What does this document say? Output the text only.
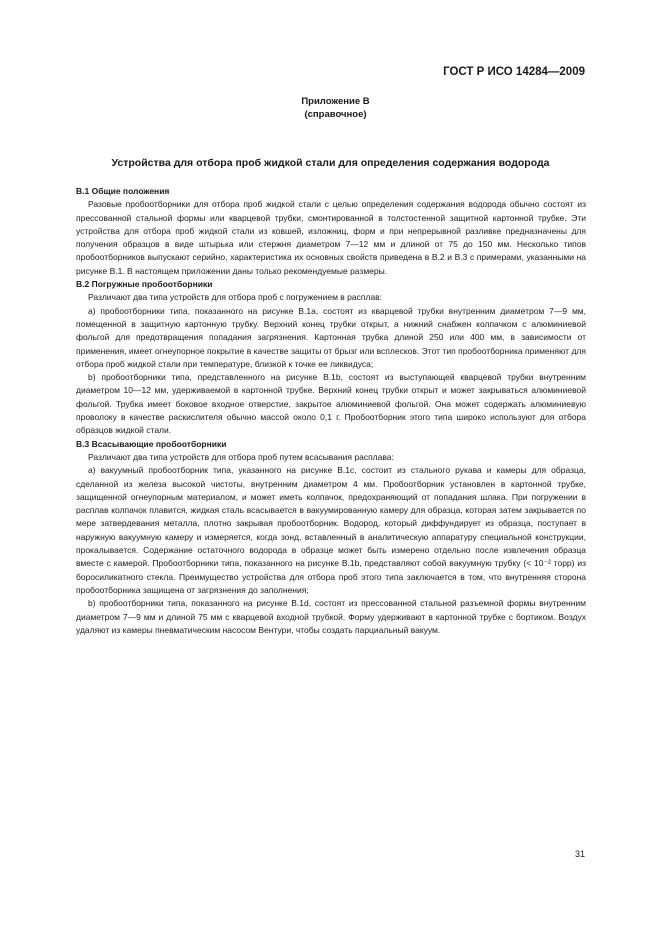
ГОСТ Р ИСО 14284—2009
Приложение В
(справочное)
Устройства для отбора проб жидкой стали для определения содержания водорода
В.1 Общие положения

Разовые пробоотборники для отбора проб жидкой стали с целью определения содержания водорода обычно состоят из прессованной стальной формы или кварцевой трубки, смонтированной в толстостенной защитной картонной трубке. Эти устройства для отбора проб жидкой стали из ковшей, изложниц, форм и при непрерывной разливке предназначены для получения образцов в виде штырька или стержня диаметром 7—12 мм и длиной от 75 до 150 мм. Несколько типов пробоотборников выпускают серийно, характеристика их основных свойств приведена в В.2 и В.3 с примерами, указанными на рисунке В.1. В настоящем приложении даны только рекомендуемые размеры.

В.2 Погружные пробоотборники

Различают два типа устройств для отбора проб с погружением в расплав:

а) пробоотборники типа, показанного на рисунке В.1а, состоят из кварцевой трубки внутренним диаметром 7—9 мм, помещенной в защитную картонную трубку. Верхний конец трубки открыт, а нижний снабжен колпачком с алюминиевой фольгой для предотвращения попадания загрязнения. Картонная трубка длиной 250 или 400 мм, в зависимости от применения, имеет огнеупорное покрытие в качестве защиты от брызг или всплесков. Этот тип пробоотборника применяют для отбора проб жидкой стали при температуре, близкой к точке ее ликвидуса;

b) пробоотборники типа, представленного на рисунке В.1b, состоят из выступающей кварцевой трубки внутренним диаметром 10—12 мм, удерживаемой в картонной трубке. Верхний конец трубки открыт и может закрываться алюминиевой фольгой. Трубка имеет боковое входное отверстие, закрытое алюминиевой фольгой. Она может содержать алюминиевую проволоку в качестве раскислителя обычно массой около 0,1 г. Пробоотборник этого типа широко используют для отбора образцов жидкой стали.

В.3 Всасывающие пробоотборники

Различают два типа устройств для отбора проб путем всасывания расплава:

а) вакуумный пробоотборник типа, указанного на рисунке В.1с, состоит из стального рукава и камеры для образца, сделанной из железа высокой чистоты, внутренним диаметром 4 мм. Пробоотборник установлен в картонной трубке, защищенной огнеупорным материалом, и может иметь колпачок, предохраняющий от попадания шлака. При погружении в расплав колпачок плавится, жидкая сталь всасывается в вакуумированную камеру для образца, которая затем закрывается по мере затвердевания металла, плотно закрывая пробоотборник. Водород, который диффундирует из образца, поступает в наружную вакуумную камеру и измеряется, когда зонд, вставленный в аналитическую аппаратуру специальной конструкции, прокалывается. Содержание остаточного водорода в образце может быть измерено отдельно после извлечения образца вместе с камерой. Пробоотборники типа, показанного на рисунке В.1b, представляют собой вакуумную трубку (< 10⁻² торр) из боросиликатного стекла. Преимущество устройства для отбора проб этого типа заключается в том, что внутренняя сторона пробоотборника защищена от загрязнения до заполнения;

b) пробоотборники типа, показанного на рисунке В.1d, состоят из прессованной стальной разъемной формы внутренним диаметром 7—9 мм и длиной 75 мм с кварцевой входной трубкой. Форму удерживают в картонной трубке с бортиком. Воздух удаляют из камеры пневматическим насосом Вентури, чтобы создать парциальный вакуум.

31
